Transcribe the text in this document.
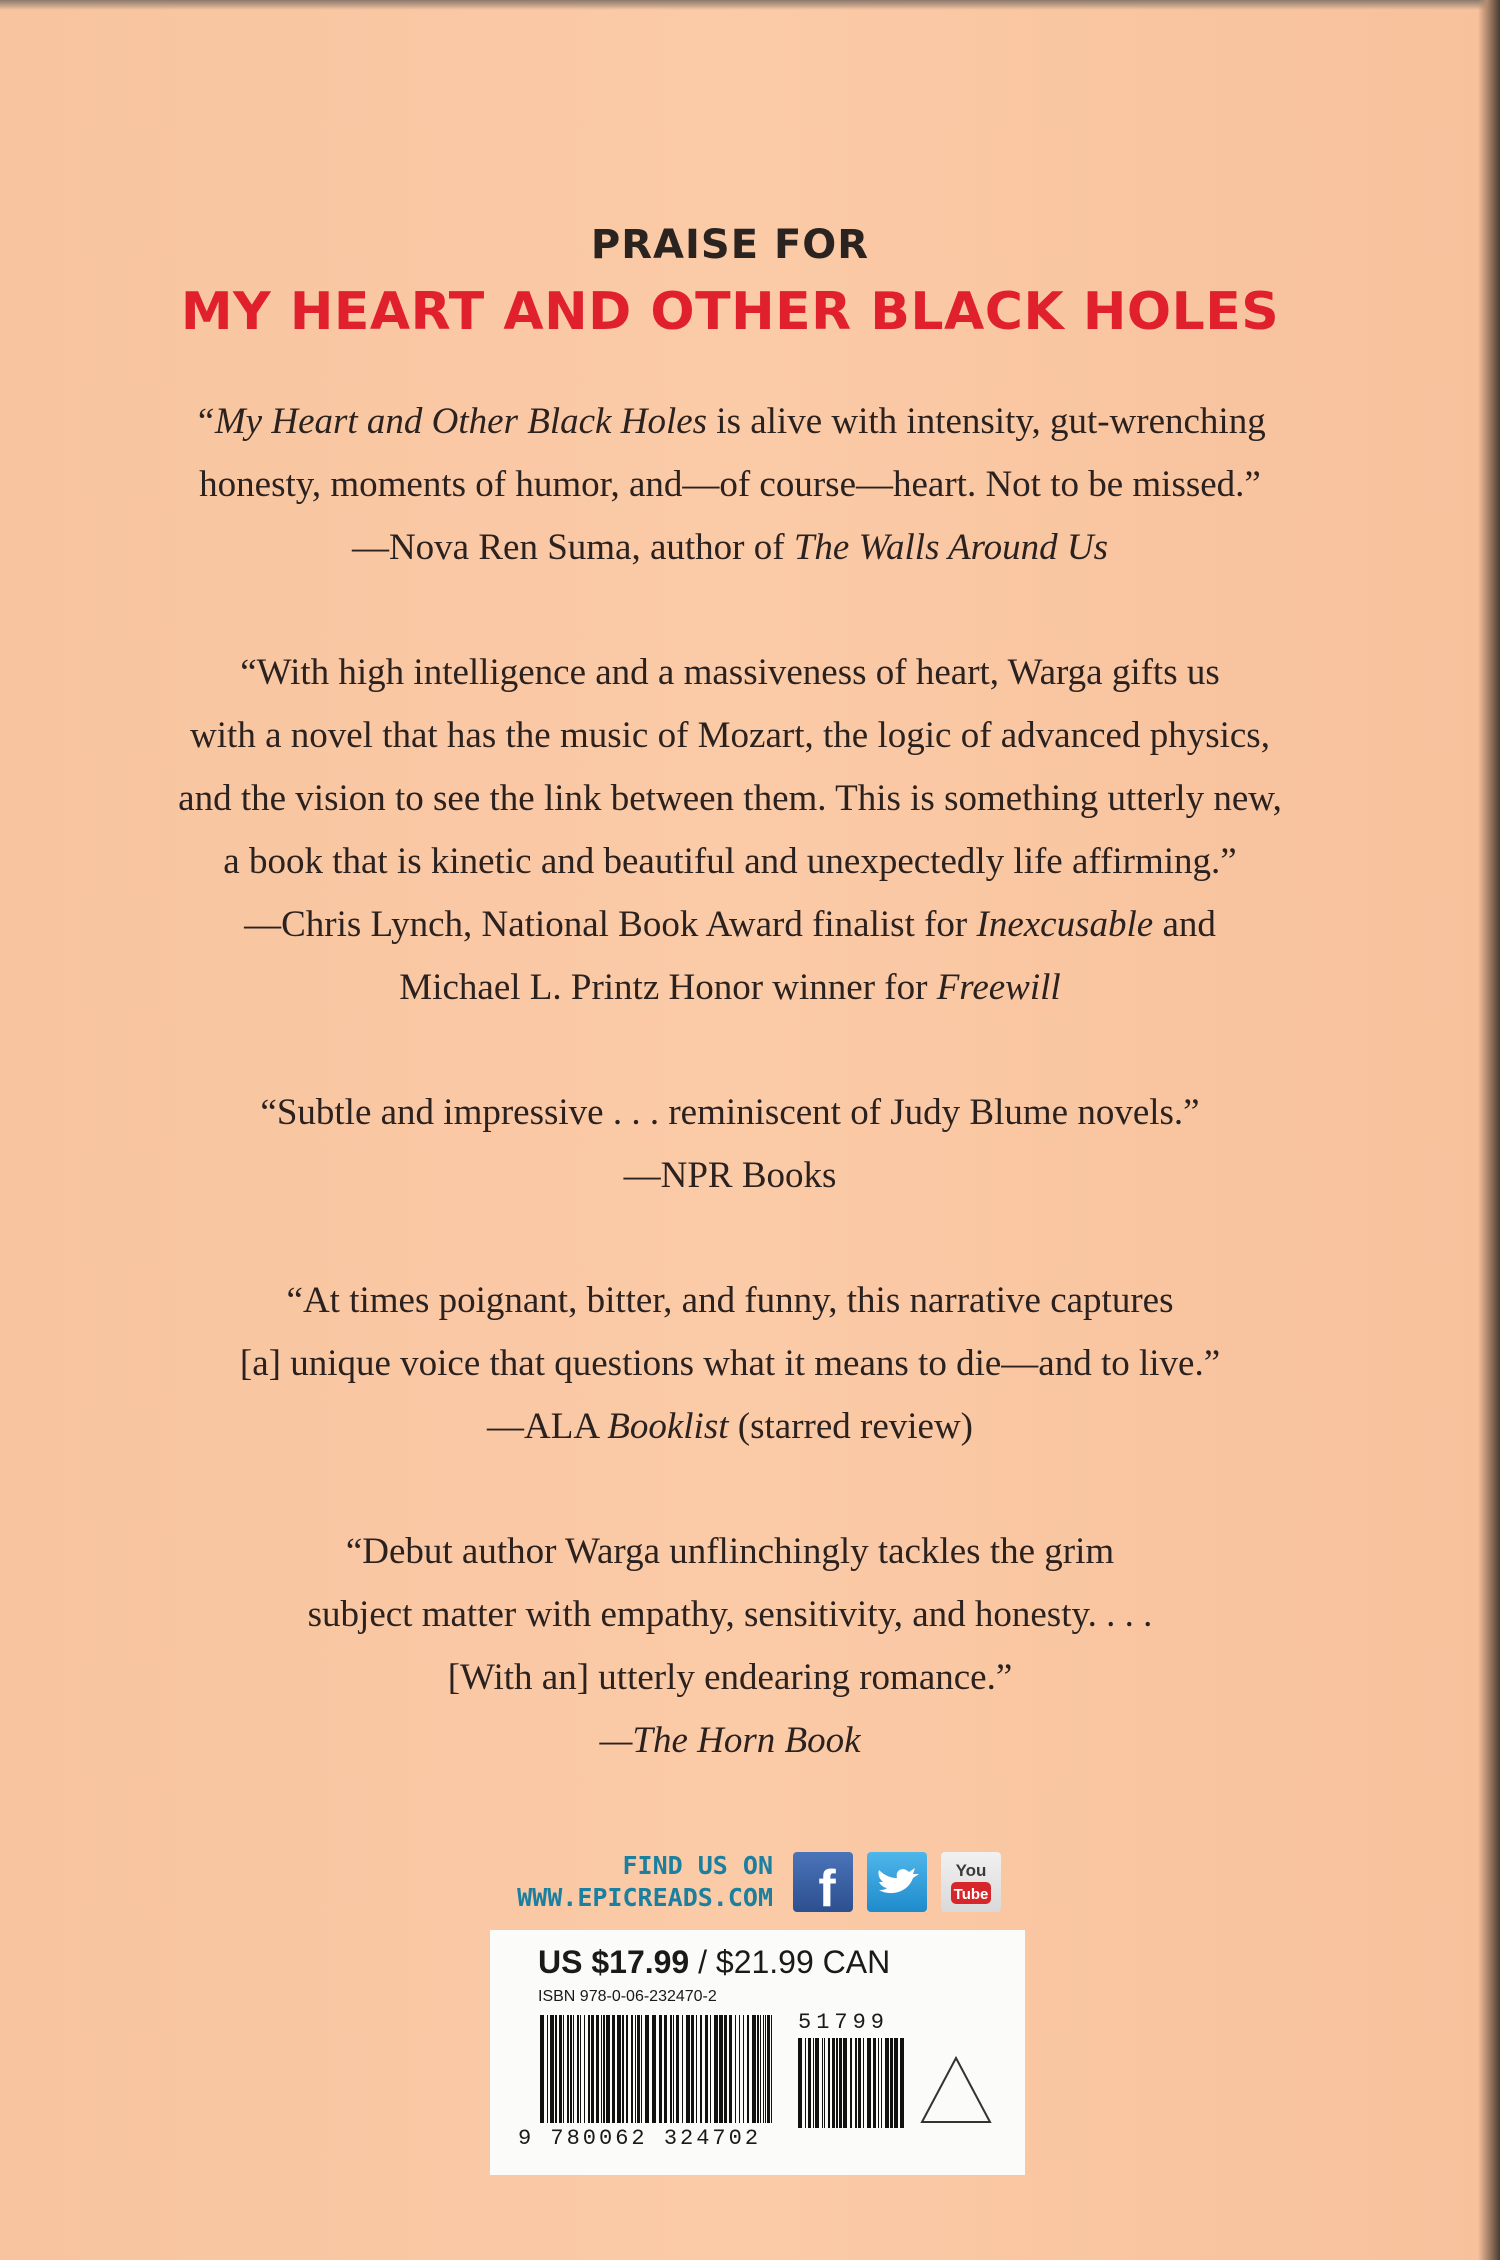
PRAISE FOR
MY HEART AND OTHER BLACK HOLES

“My Heart and Other Black Holes is alive with intensity, gut-wrenching

honesty, moments of humor, and—of course—heart. Not to be missed.”

—Nova Ren Suma, author of The Walls Around Us

“With high intelligence and a massiveness of heart, Warga gifts us

with a novel that has the music of Mozart, the logic of advanced physics,

and the vision to see the link between them. This is something utterly new,

a book that is kinetic and beautiful and unexpectedly life affirming.”

—Chris Lynch, National Book Award finalist for Inexcusable and

Michael L. Printz Honor winner for Freewill

“Subtle and impressive . . . reminiscent of Judy Blume novels.”

—NPR Books

“At times poignant, bitter, and funny, this narrative captures

[a] unique voice that questions what it means to die—and to live.”

—ALA Booklist (starred review)

“Debut author Warga unflinchingly tackles the grim

subject matter with empathy, sensitivity, and honesty. . . .

[With an] utterly endearing romance.”

—The Horn Book

FIND US ON
WWW.EPICREADS.COM f	You
Tube
US $17.99 / $21.99 CAN
ISBN 978-0-06-232470-2
9 780062 324702
51799
